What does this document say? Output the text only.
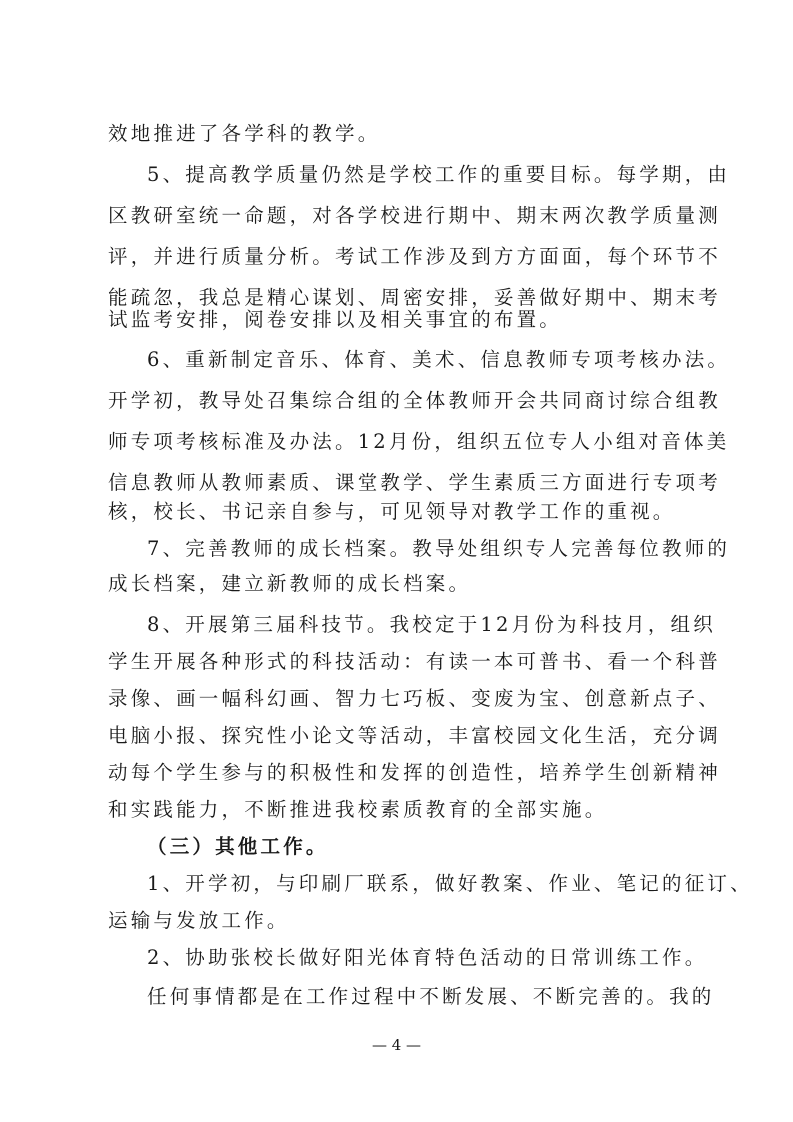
效地推进了各学科的教学。
5、提高教学质量仍然是学校工作的重要目标。每学期，由
区教研室统一命题，对各学校进行期中、期末两次教学质量测
评，并进行质量分析。考试工作涉及到方方面面，每个环节不
能疏忽，我总是精心谋划、周密安排，妥善做好期中、期末考
试监考安排，阅卷安排以及相关事宜的布置。
6、重新制定音乐、体育、美术、信息教师专项考核办法。
开学初，教导处召集综合组的全体教师开会共同商讨综合组教
师专项考核标准及办法。12月份，组织五位专人小组对音体美
信息教师从教师素质、课堂教学、学生素质三方面进行专项考
核，校长、书记亲自参与，可见领导对教学工作的重视。
7、完善教师的成长档案。教导处组织专人完善每位教师的
成长档案，建立新教师的成长档案。
8、开展第三届科技节。我校定于12月份为科技月，组织
学生开展各种形式的科技活动：有读一本可普书、看一个科普
录像、画一幅科幻画、智力七巧板、变废为宝、创意新点子、
电脑小报、探究性小论文等活动，丰富校园文化生活，充分调
动每个学生参与的积极性和发挥的创造性，培养学生创新精神
和实践能力，不断推进我校素质教育的全部实施。
（三）其他工作。
1、开学初，与印刷厂联系，做好教案、作业、笔记的征订、
运输与发放工作。
2、协助张校长做好阳光体育特色活动的日常训练工作。
任何事情都是在工作过程中不断发展、不断完善的。我的
— 4 —
